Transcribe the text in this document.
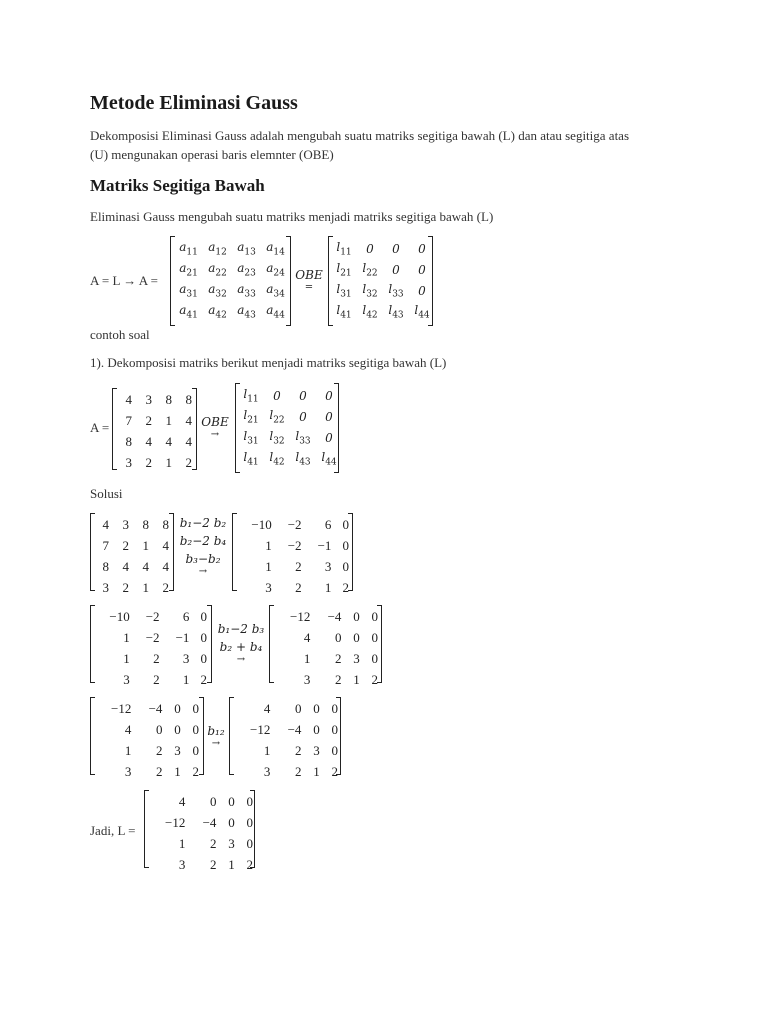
Metode Eliminasi Gauss

Dekomposisi Eliminasi Gauss adalah mengubah suatu matriks segitiga bawah (L) dan atau segitiga atas

(U) mengunakan operasi baris elemnter (OBE)

Matriks Segitiga Bawah

Eliminasi Gauss mengubah suatu matriks menjadi matriks segitiga bawah (L)

A = L → A =
$a_{11}$	$a_{12}$	$a_{13}$	$a_{14}$
$a_{21}$	$a_{22}$	$a_{23}$	$a_{24}$
$a_{31}$	$a_{32}$	$a_{33}$	$a_{34}$
$a_{41}$	$a_{42}$	$a_{43}$	$a_{44}$
OBE
=
$l_{11}$	0	0	0
$l_{21}$	$l_{22}$	0	0
$l_{31}$	$l_{32}$	$l_{33}$	0
$l_{41}$	$l_{42}$	$l_{43}$	$l_{44}$

contoh soal

1). Dekomposisi matriks berikut menjadi matriks segitiga bawah (L)

A =
4	3	8	8
7	2	1	4
8	4	4	4
3	2	1	2
OBE
→
$l_{11}$	0	0	0
$l_{21}$	$l_{22}$	0	0
$l_{31}$	$l_{32}$	$l_{33}$	0
$l_{41}$	$l_{42}$	$l_{43}$	$l_{44}$

Solusi

4	3	8	8
7	2	1	4
8	4	4	4
3	2	1	2
b₁−2 b₂
b₂−2 b₄
b₃−b₂
→
−10	−2	6	0
1	−2	−1	0
1	2	3	0
3	2	1	2
−10	−2	6	0
1	−2	−1	0
1	2	3	0
3	2	1	2
b₁−2 b₃
b₂ + b₄
→
−12	−4	0	0
4	0	0	0
1	2	3	0
3	2	1	2
−12	−4	0	0
4	0	0	0
1	2	3	0
3	2	1	2
b₁₂
→
4	0	0	0
−12	−4	0	0
1	2	3	0
3	2	1	2
Jadi, L =
4	0	0	0
−12	−4	0	0
1	2	3	0
3	2	1	2
